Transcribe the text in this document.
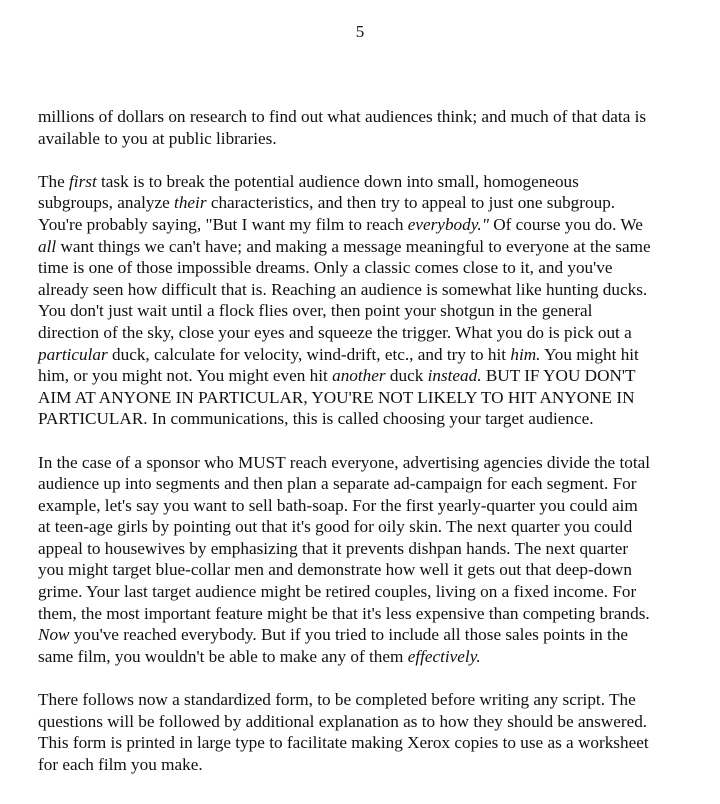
5

millions of dollars on research to find out what audiences think; and much of that data is
available to you at public libraries.

The first task is to break the potential audience down into small, homogeneous
subgroups, analyze their characteristics, and then try to appeal to just one subgroup.
You're probably saying, "But I want my film to reach everybody." Of course you do. We
all want things we can't have; and making a message meaningful to everyone at the same
time is one of those impossible dreams. Only a classic comes close to it, and you've
already seen how difficult that is. Reaching an audience is somewhat like hunting ducks.
You don't just wait until a flock flies over, then point your shotgun in the general
direction of the sky, close your eyes and squeeze the trigger. What you do is pick out a
particular duck, calculate for velocity, wind-drift, etc., and try to hit him. You might hit
him, or you might not. You might even hit another duck instead. BUT IF YOU DON'T
AIM AT ANYONE IN PARTICULAR, YOU'RE NOT LIKELY TO HIT ANYONE IN
PARTICULAR. In communications, this is called choosing your target audience.

In the case of a sponsor who MUST reach everyone, advertising agencies divide the total
audience up into segments and then plan a separate ad-campaign for each segment. For
example, let's say you want to sell bath-soap. For the first yearly-quarter you could aim
at teen-age girls by pointing out that it's good for oily skin. The next quarter you could
appeal to housewives by emphasizing that it prevents dishpan hands. The next quarter
you might target blue-collar men and demonstrate how well it gets out that deep-down
grime. Your last target audience might be retired couples, living on a fixed income. For
them, the most important feature might be that it's less expensive than competing brands.
Now you've reached everybody. But if you tried to include all those sales points in the
same film, you wouldn't be able to make any of them effectively.

There follows now a standardized form, to be completed before writing any script. The
questions will be followed by additional explanation as to how they should be answered.
This form is printed in large type to facilitate making Xerox copies to use as a worksheet
for each film you make.
